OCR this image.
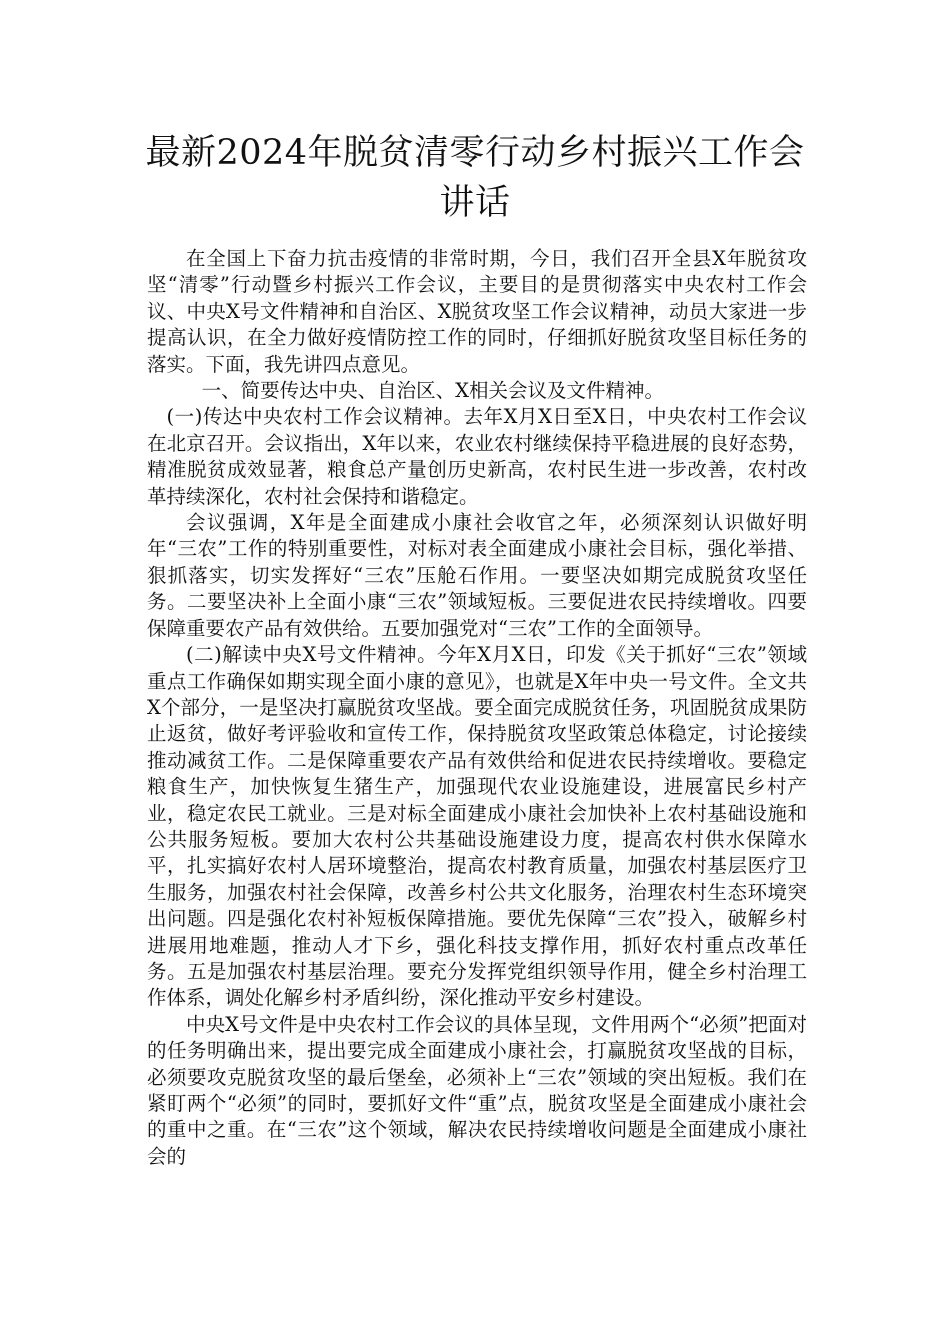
最新2024年脱贫清零行动乡村振兴工作会
讲话

在全国上下奋力抗击疫情的非常时期，今日，我们召开全县X年脱贫攻坚“清零”行动暨乡村振兴工作会议，主要目的是贯彻落实中央农村工作会议、中央X号文件精神和自治区、X脱贫攻坚工作会议精神，动员大家进一步提高认识，在全力做好疫情防控工作的同时，仔细抓好脱贫攻坚目标任务的落实。下面，我先讲四点意见。

一、简要传达中央、自治区、X相关会议及文件精神。

(一)传达中央农村工作会议精神。去年X月X日至X日，中央农村工作会议在北京召开。会议指出，X年以来，农业农村继续保持平稳进展的良好态势，精准脱贫成效显著，粮食总产量创历史新高，农村民生进一步改善，农村改革持续深化，农村社会保持和谐稳定。

会议强调，X年是全面建成小康社会收官之年，必须深刻认识做好明年“三农”工作的特别重要性，对标对表全面建成小康社会目标，强化举措、狠抓落实，切实发挥好“三农”压舱石作用。一要坚决如期完成脱贫攻坚任务。二要坚决补上全面小康“三农”领域短板。三要促进农民持续增收。四要保障重要农产品有效供给。五要加强党对“三农”工作的全面领导。

(二)解读中央X号文件精神。今年X月X日，印发《关于抓好“三农”领域重点工作确保如期实现全面小康的意见》，也就是X年中央一号文件。全文共X个部分，一是坚决打赢脱贫攻坚战。要全面完成脱贫任务，巩固脱贫成果防止返贫，做好考评验收和宣传工作，保持脱贫攻坚政策总体稳定，讨论接续推动减贫工作。二是保障重要农产品有效供给和促进农民持续增收。要稳定粮食生产，加快恢复生猪生产，加强现代农业设施建设，进展富民乡村产业，稳定农民工就业。三是对标全面建成小康社会加快补上农村基础设施和公共服务短板。要加大农村公共基础设施建设力度，提高农村供水保障水平，扎实搞好农村人居环境整治，提高农村教育质量，加强农村基层医疗卫生服务，加强农村社会保障，改善乡村公共文化服务，治理农村生态环境突出问题。四是强化农村补短板保障措施。要优先保障“三农”投入，破解乡村进展用地难题，推动人才下乡，强化科技支撑作用，抓好农村重点改革任务。五是加强农村基层治理。要充分发挥党组织领导作用，健全乡村治理工作体系，调处化解乡村矛盾纠纷，深化推动平安乡村建设。

中央X号文件是中央农村工作会议的具体呈现，文件用两个“必须”把面对的任务明确出来，提出要完成全面建成小康社会，打赢脱贫攻坚战的目标，必须要攻克脱贫攻坚的最后堡垒，必须补上“三农”领域的突出短板。我们在紧盯两个“必须”的同时，要抓好文件“重”点，脱贫攻坚是全面建成小康社会的重中之重。在“三农”这个领域，解决农民持续增收问题是全面建成小康社会的
